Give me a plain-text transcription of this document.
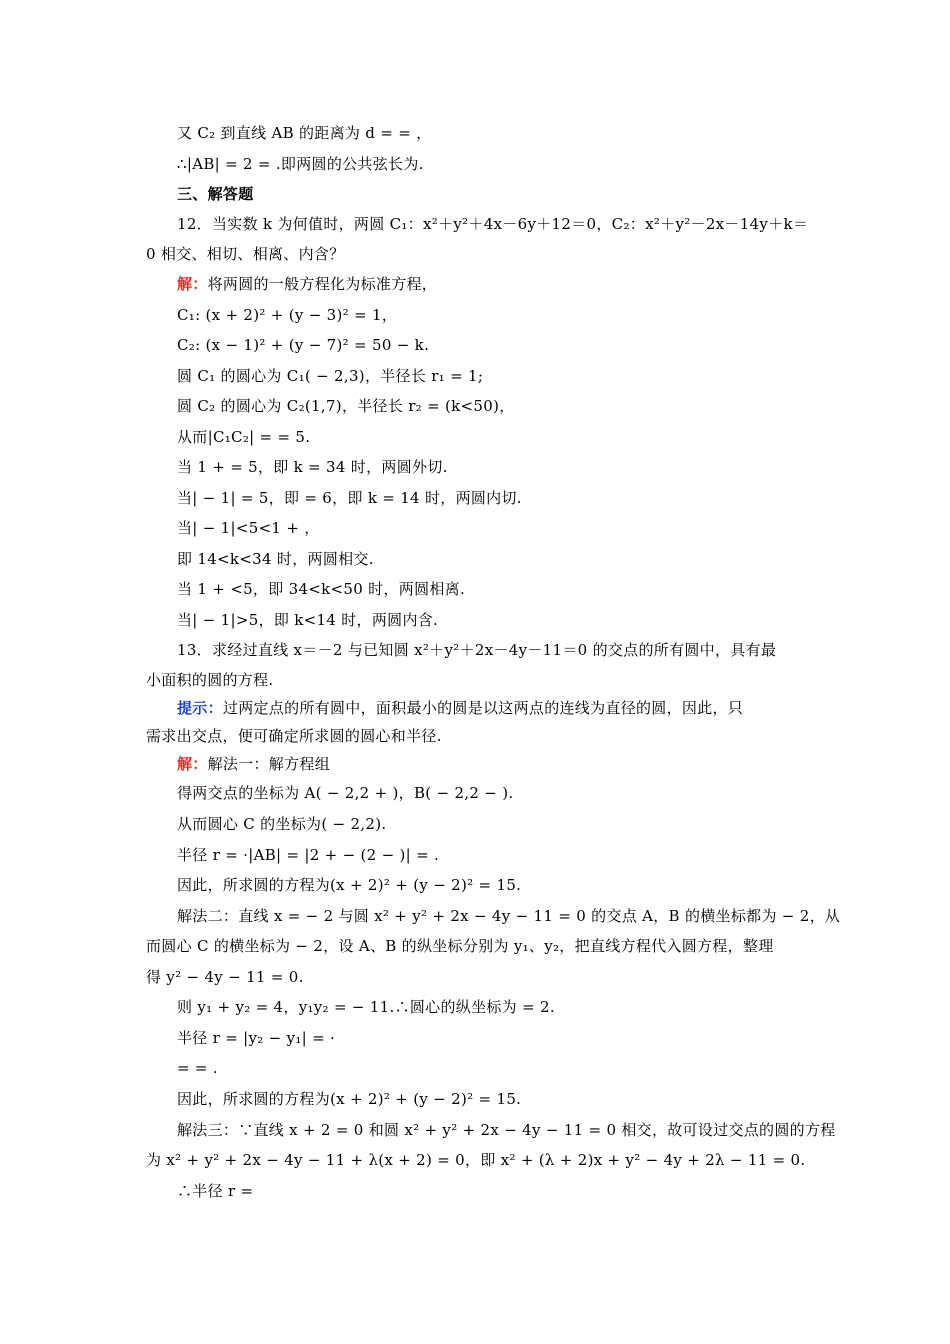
又 C₂ 到直线 AB 的距离为 d = = ，
∴|AB| = 2 = .即两圆的公共弦长为.
三、解答题
12．当实数 k 为何值时，两圆 C₁：x²＋y²＋4x－6y＋12＝0，C₂：x²＋y²－2x－14y＋k＝
0 相交、相切、相离、内含？
解：将两圆的一般方程化为标准方程，
C₁: (x + 2)² + (y − 3)² = 1，
C₂: (x − 1)² + (y − 7)² = 50 − k.
圆 C₁ 的圆心为 C₁( − 2,3)，半径长 r₁ = 1;
圆 C₂ 的圆心为 C₂(1,7)，半径长 r₂ = (k<50)，
从而|C₁C₂| = = 5.
当 1 + = 5，即 k = 34 时，两圆外切.
当| − 1| = 5，即 = 6，即 k = 14 时，两圆内切.
当| − 1|<5<1 + ，
即 14<k<34 时，两圆相交.
当 1 + <5，即 34<k<50 时，两圆相离.
当| − 1|>5，即 k<14 时，两圆内含.
13．求经过直线 x＝－2 与已知圆 x²＋y²＋2x－4y－11＝0 的交点的所有圆中，具有最
小面积的圆的方程.
提示：过两定点的所有圆中，面积最小的圆是以这两点的连线为直径的圆，因此，只
需求出交点，便可确定所求圆的圆心和半径.
解：解法一：解方程组
得两交点的坐标为 A( − 2,2 + )，B( − 2,2 − ).
从而圆心 C 的坐标为( − 2,2).
半径 r = ·|AB| = |2 + − (2 − )| = .
因此，所求圆的方程为(x + 2)² + (y − 2)² = 15.
解法二：直线 x = − 2 与圆 x² + y² + 2x − 4y − 11 = 0 的交点 A，B 的横坐标都为 − 2，从
而圆心 C 的横坐标为 − 2，设 A、B 的纵坐标分别为 y₁、y₂，把直线方程代入圆方程，整理
得 y² − 4y − 11 = 0.
则 y₁ + y₂ = 4，y₁y₂ = − 11.∴圆心的纵坐标为 = 2.
半径 r = |y₂ − y₁| = ·
= = .
因此，所求圆的方程为(x + 2)² + (y − 2)² = 15.
解法三：∵直线 x + 2 = 0 和圆 x² + y² + 2x − 4y − 11 = 0 相交，故可设过交点的圆的方程
为 x² + y² + 2x − 4y − 11 + λ(x + 2) = 0，即 x² + (λ + 2)x + y² − 4y + 2λ − 11 = 0.
∴半径 r =
